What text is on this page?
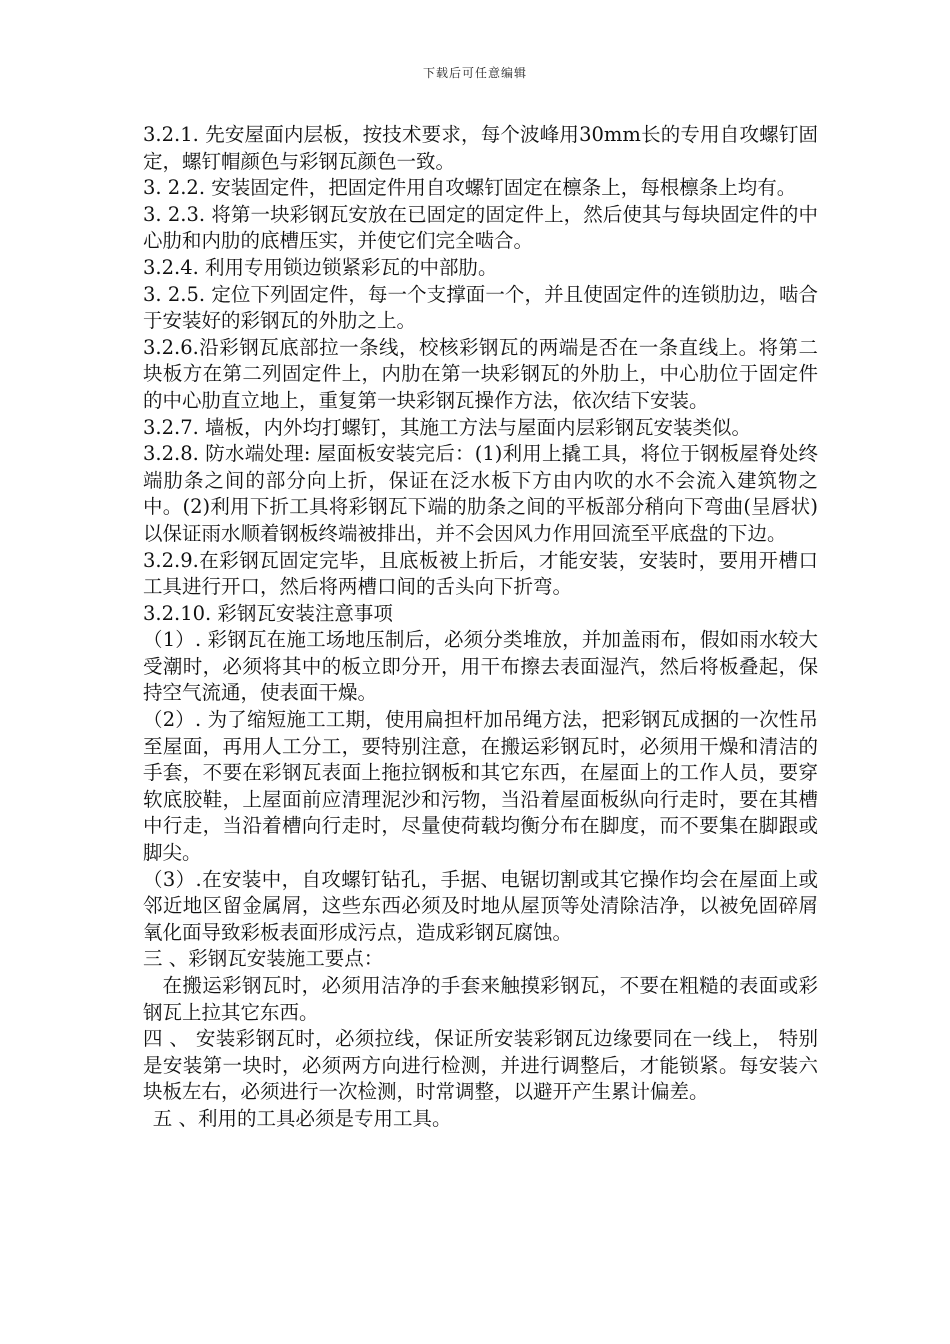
下载后可任意编辑

3.2.1. 先安屋面内层板，按技术要求，每个波峰用30mm长的专用自攻螺钉固定，螺钉帽颜色与彩钢瓦颜色一致。

3. 2.2. 安装固定件，把固定件用自攻螺钉固定在檩条上，每根檩条上均有。

3. 2.3. 将第一块彩钢瓦安放在已固定的固定件上，然后使其与每块固定件的中心肋和内肋的底槽压实，并使它们完全啮合。

3.2.4. 利用专用锁边锁紧彩瓦的中部肋。

3. 2.5. 定位下列固定件，每一个支撑面一个，并且使固定件的连锁肋边，啮合于安装好的彩钢瓦的外肋之上。

3.2.6.沿彩钢瓦底部拉一条线，校核彩钢瓦的两端是否在一条直线上。将第二块板方在第二列固定件上，内肋在第一块彩钢瓦的外肋上，中心肋位于固定件的中心肋直立地上，重复第一块彩钢瓦操作方法，依次结下安装。

3.2.7. 墙板，内外均打螺钉，其施工方法与屋面内层彩钢瓦安装类似。

3.2.8. 防水端处理: 屋面板安装完后：(1)利用上撬工具，将位于钢板屋脊处终端肋条之间的部分向上折，保证在泛水板下方由内吹的水不会流入建筑物之中。(2)利用下折工具将彩钢瓦下端的肋条之间的平板部分稍向下弯曲(呈唇状)以保证雨水顺着钢板终端被排出，并不会因风力作用回流至平底盘的下边。

3.2.9.在彩钢瓦固定完毕，且底板被上折后，才能安装，安装时，要用开槽口工具进行开口，然后将两槽口间的舌头向下折弯。

3.2.10. 彩钢瓦安装注意事项

（1）. 彩钢瓦在施工场地压制后，必须分类堆放，并加盖雨布，假如雨水较大受潮时，必须将其中的板立即分开，用干布擦去表面湿汽，然后将板叠起，保持空气流通，使表面干燥。

（2）. 为了缩短施工工期，使用扁担杆加吊绳方法，把彩钢瓦成捆的一次性吊至屋面，再用人工分工，要特别注意，在搬运彩钢瓦时，必须用干燥和清洁的手套，不要在彩钢瓦表面上拖拉钢板和其它东西，在屋面上的工作人员，要穿软底胶鞋，上屋面前应清理泥沙和污物，当沿着屋面板纵向行走时，要在其槽中行走，当沿着槽向行走时，尽量使荷载均衡分布在脚度，而不要集在脚跟或脚尖。

（3）.在安装中，自攻螺钉钻孔，手据、电锯切割或其它操作均会在屋面上或邻近地区留金属屑，这些东西必须及时地从屋顶等处清除洁净，以被免固碎屑氧化面导致彩板表面形成污点，造成彩钢瓦腐蚀。

三 、彩钢瓦安装施工要点：

在搬运彩钢瓦时，必须用洁净的手套来触摸彩钢瓦，不要在粗糙的表面或彩钢瓦上拉其它东西。

四 、 安装彩钢瓦时，必须拉线，保证所安装彩钢瓦边缘要同在一线上， 特别是安装第一块时，必须两方向进行检测，并进行调整后，才能锁紧。每安装六块板左右，必须进行一次检测，时常调整，以避开产生累计偏差。

五 、利用的工具必须是专用工具。
